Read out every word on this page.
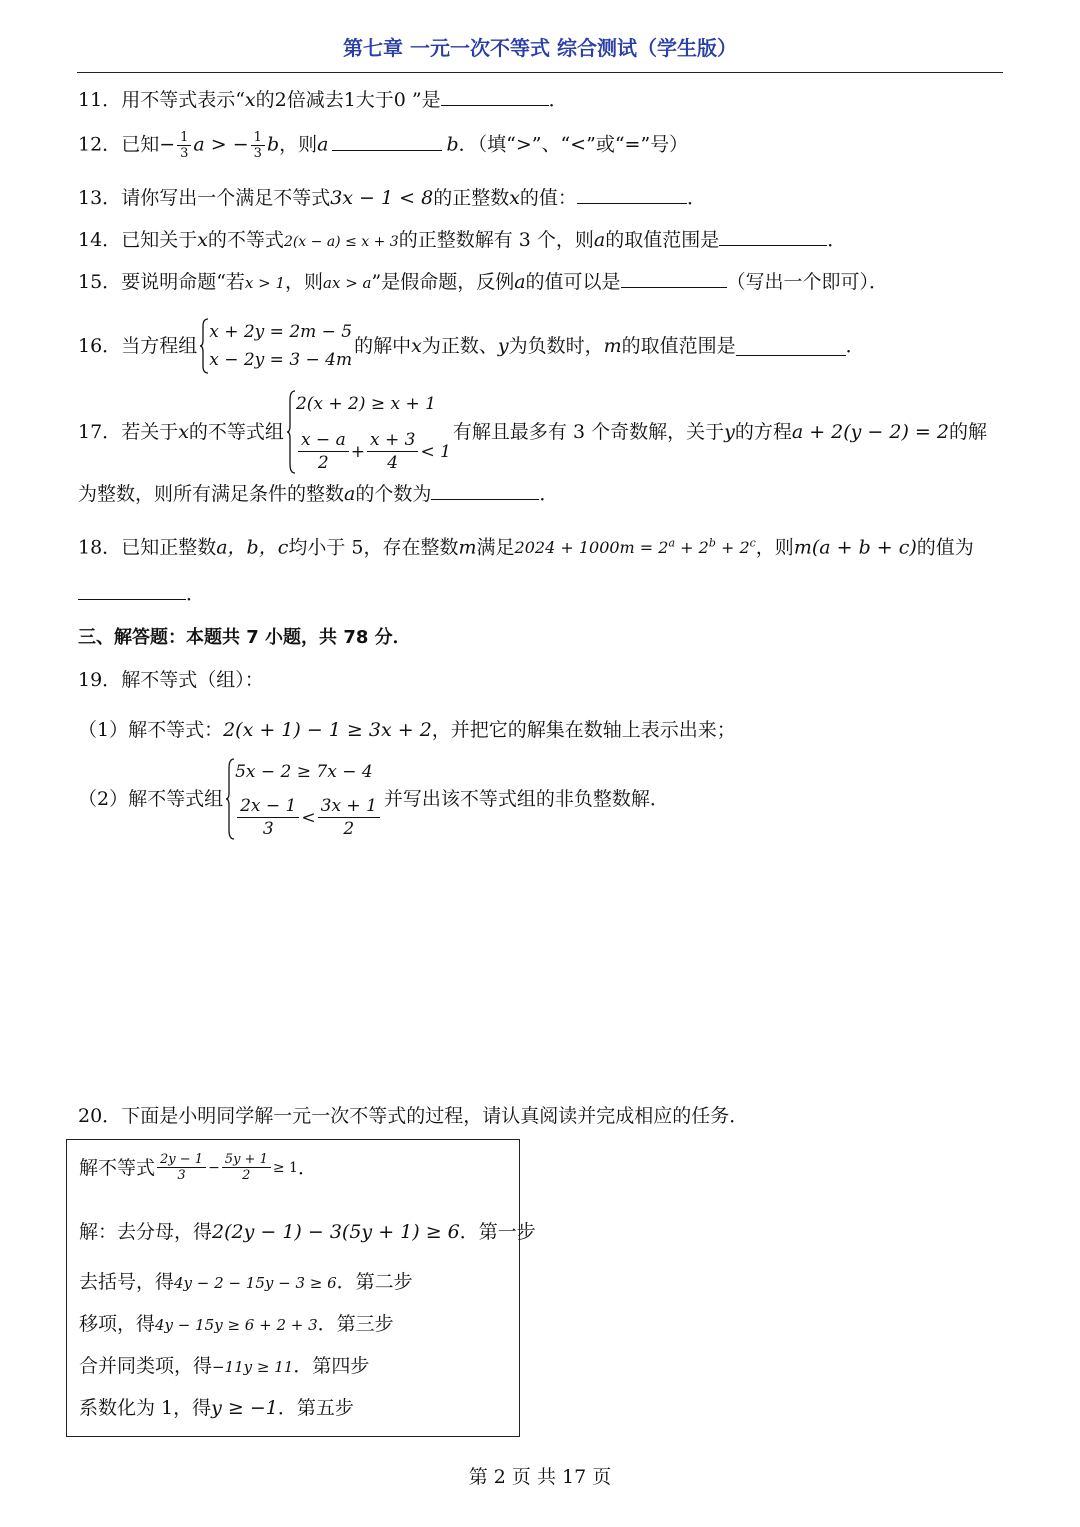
第七章 一元一次不等式 综合测试（学生版）
11．用不等式表示“x的2倍减去1大于0 ”是	．
12．已知− $\frac{1}{3}$ a > − $\frac{1}{3}$ b，则a	b．（填“>”、“<”或“=”号）
13．请你写出一个满足不等式3x − 1 < 8的正整数x的值：	．
14．已知关于x的不等式2(x − a) ≤ x + 3的正整数解有 3 个，则a的取值范围是	．
15．要说明命题“若x > 1，则ax > a”是假命题，反例a的值可以是	（写出一个即可）．
16． 当方程组
x + 2y = 2m − 5
x − 2y = 3 − 4m
的解中 x 为正数、 y 为负数时， m 的取值范围是	．
17． 若关于 x 的不等式组
2(x + 2) ≥ x + 1
$\frac{x - a}{2} + \frac{x + 3}{4} < 1$
有解且最多有 3 个奇数解，关于 y 的方程 a + 2(y − 2) = 2 的解
为整数，则所有满足条件的整数a的个数为	．
18．已知正整数a，b，c均小于 5，存在整数m满足$2024 + 1000m = 2^a + 2^b + 2^c$，则m(a + b + c)的值为
．
三、解答题：本题共 7 小题，共 78 分．
19．解不等式（组）：
（1）解不等式：2(x + 1) − 1 ≥ 3x + 2，并把它的解集在数轴上表示出来；
（2）解不等式组
5x − 2 ≥ 7x − 4
$\frac{2x - 1}{3} < \frac{3x + 1}{2}$ 并写出该不等式组的非负整数解．
20．下面是小明同学解一元一次不等式的过程，请认真阅读并完成相应的任务．
解不等式 $\frac{2y - 1}{3} - \frac{5y + 1}{2} \ge 1$ ．
解：去分母，得2(2y − 1) − 3(5y + 1) ≥ 6．第一步
去括号，得4y − 2 − 15y − 3 ≥ 6．第二步
移项，得4y − 15y ≥ 6 + 2 + 3．第三步
合并同类项，得−11y ≥ 11．第四步
系数化为 1，得y ≥ −1．第五步
第 2 页 共 17 页
